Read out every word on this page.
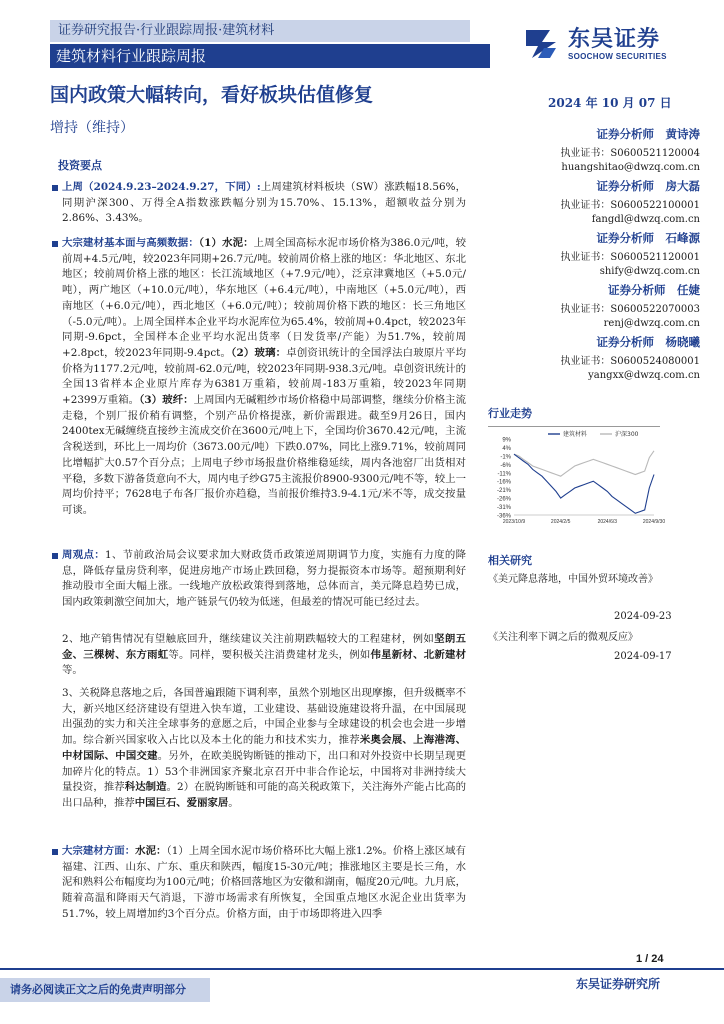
证券研究报告·行业跟踪周报·建筑材料
建筑材料行业跟踪周报
东吴证券
SOOCHOW SECURITIES
国内政策大幅转向，看好板块估值修复	2024 年 10 月 07 日
增持（维持）
投资要点
上周（2024.9.23–2024.9.27，下同）:上周建筑材料板块（SW）涨跌幅18.56%，同期沪深300、万得全A指数涨跌幅分别为15.70%、15.13%，超额收益分别为2.86%、3.43%。
大宗建材基本面与高频数据：（1）水泥：上周全国高标水泥市场价格为386.0元/吨，较前周+4.5元/吨，较2023年同期+26.7元/吨。较前周价格上涨的地区：华北地区、东北地区；较前周价格上涨的地区：长江流域地区（+7.9元/吨），泛京津冀地区（+5.0元/吨），两广地区（+10.0元/吨），华东地区（+6.4元/吨），中南地区（+5.0元/吨），西南地区（+6.0元/吨），西北地区（+6.0元/吨）；较前周价格下跌的地区：长三角地区（-5.0元/吨）。上周全国样本企业平均水泥库位为65.4%，较前周+0.4pct，较2023年同期-9.6pct，全国样本企业平均水泥出货率（日发货率/产能）为51.7%，较前周+2.8pct，较2023年同期-9.4pct。（2）玻璃：卓创资讯统计的全国浮法白玻原片平均价格为1177.2元/吨，较前周-62.0元/吨，较2023年同期-938.3元/吨。卓创资讯统计的全国13省样本企业原片库存为6381万重箱，较前周-183万重箱，较2023年同期+2399万重箱。（3）玻纤：上周国内无碱粗纱市场价格稳中局部调整，继续分价格主流走稳，个别厂报价稍有调整，个别产品价格提涨，新价需跟进。截至9月26日，国内2400tex无碱缠绕直接纱主流成交价在3600元/吨上下，全国均价3670.42元/吨，主流含税送到，环比上一周均价（3673.00元/吨）下跌0.07%，同比上涨9.71%，较前周同比增幅扩大0.57个百分点；上周电子纱市场报盘价格维稳延续，周内各池窑厂出货相对平稳，多数下游备货意向不大，周内电子纱G75主流报价8900-9300元/吨不等，较上一周均价持平；7628电子布各厂报价亦趋稳，当前报价维持3.9-4.1元/米不等，成交按量可谈。
周观点：1、节前政治局会议要求加大财政货币政策逆周期调节力度，实施有力度的降息，降低存量房贷利率，促进房地产市场止跌回稳，努力提振资本市场等。超预期利好推动股市全面大幅上涨。一线地产放松政策得到落地，总体而言，美元降息趋势已成，国内政策刺激空间加大，地产链景气仍较为低迷，但最差的情况可能已经过去。
2、地产销售情况有望触底回升，继续建议关注前期跌幅较大的工程建材，例如坚朗五金、三棵树、东方雨虹等。同样，要积极关注消费建材龙头，例如伟星新材、北新建材等。
3、关税降息落地之后，各国普遍跟随下调利率，虽然个别地区出现摩擦，但升级概率不大，新兴地区经济建设有望进入快车道，工业建设、基础设施建设将升温，在中国展现出强劲的实力和关注全球事务的意愿之后，中国企业参与全球建设的机会也会进一步增加。综合新兴国家收入占比以及本土化的能力和技术实力，推荐米奥会展、上海港湾、中材国际、中国交建。另外，在欧美脱钩断链的推动下，出口和对外投资中长期呈现更加碎片化的特点。1）53个非洲国家齐聚北京召开中非合作论坛，中国将对非洲持续大量投资，推荐科达制造。2）在脱钩断链和可能的高关税政策下，关注海外产能占比高的出口品种，推荐中国巨石、爱丽家居。
大宗建材方面：水泥：（1）上周全国水泥市场价格环比大幅上涨1.2%。价格上涨区域有福建、江西、山东、广东、重庆和陕西，幅度15-30元/吨；推涨地区主要是长三角，水泥和熟料公布幅度均为100元/吨；价格回落地区为安徽和湖南，幅度20元/吨。九月底，随着高温和降雨天气消退，下游市场需求有所恢复，全国重点地区水泥企业出货率为51.7%，较上周增加约3个百分点。价格方面，由于市场即将进入四季
证券分析师　黄诗涛
执业证书：S0600521120004
huangshitao@dwzq.com.cn
证券分析师　房大磊
执业证书：S0600522100001
fangdl@dwzq.com.cn
证券分析师　石峰源
执业证书：S0600521120001
shify@dwzq.com.cn
证券分析师　任婕
执业证书：S0600522070003
renj@dwzq.com.cn
证券分析师　杨晓曦
执业证书：S0600524080001
yangxx@dwzq.com.cn
行业走势
9%
4%
-1%
-6%
-11%
-16%
-21%
-26%
-31%
-36%
2023/10/9	2024/2/5	2024/6/3	2024/9/30
建筑材料	沪深300
相关研究
《美元降息落地，中国外贸环境改善》
2024-09-23
《关注利率下调之后的微观反应》
2024-09-17
1 / 24
请务必阅读正文之后的免责声明部分	东吴证券研究所
